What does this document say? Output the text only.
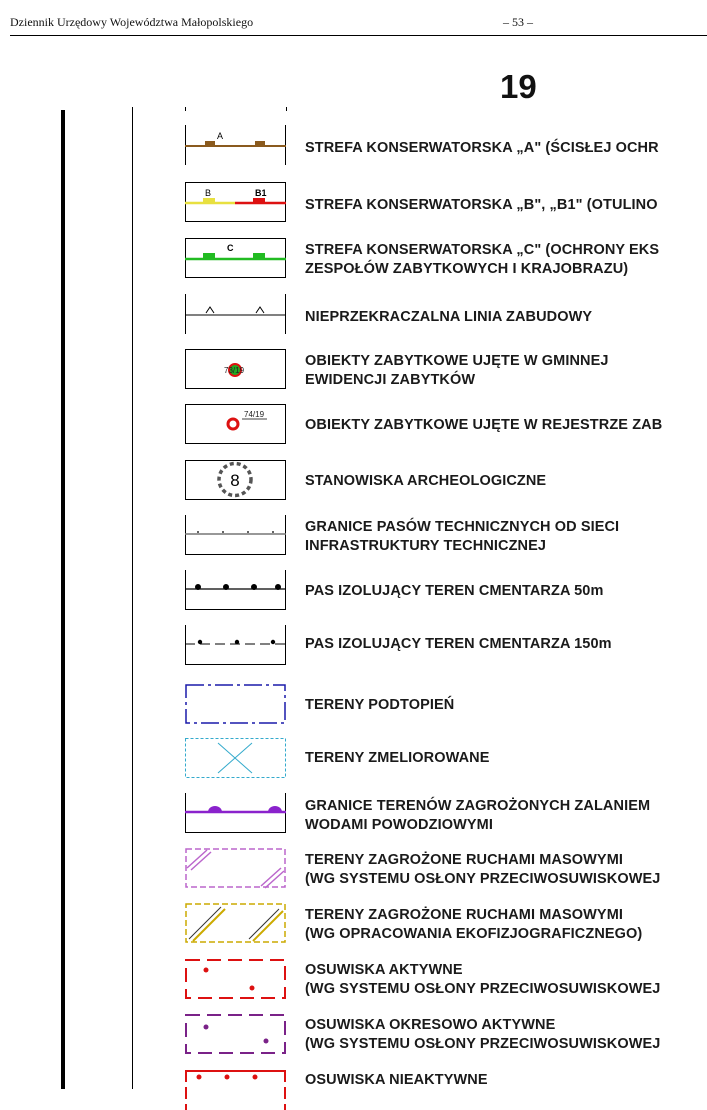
Dziennik Urzędowy Województwa Małopolskiego	– 53 –
19
A
STREFA KONSERWATORSKA „A" (ŚCISŁEJ OCHR
B	B1
STREFA KONSERWATORSKA „B", „B1" (OTULINO
C	STREFA KONSERWATORSKA „C" (OCHRONY EKS
ZESPOŁÓW ZABYTKOWYCH I KRAJOBRAZU)
NIEPRZEKRACZALNA LINIA ZABUDOWY
73/19
OBIEKTY ZABYTKOWE UJĘTE W GMINNEJ
EWIDENCJI ZABYTKÓW
74/19
OBIEKTY ZABYTKOWE UJĘTE W REJESTRZE ZAB
8	STANOWISKA ARCHEOLOGICZNE
GRANICE PASÓW TECHNICZNYCH OD SIECI
INFRASTRUKTURY TECHNICZNEJ
PAS IZOLUJĄCY TEREN CMENTARZA 50m
PAS IZOLUJĄCY TEREN CMENTARZA 150m
TERENY PODTOPIEŃ
TERENY ZMELIOROWANE
GRANICE TERENÓW ZAGROŻONYCH ZALANIEM
WODAMI POWODZIOWYMI
TERENY ZAGROŻONE RUCHAMI MASOWYMI
(WG SYSTEMU OSŁONY PRZECIWOSUWISKOWEJ
TERENY ZAGROŻONE RUCHAMI MASOWYMI
(WG OPRACOWANIA EKOFIZJOGRAFICZNEGO)
OSUWISKA AKTYWNE
(WG SYSTEMU OSŁONY PRZECIWOSUWISKOWEJ
OSUWISKA OKRESOWO AKTYWNE
(WG SYSTEMU OSŁONY PRZECIWOSUWISKOWEJ
OSUWISKA NIEAKTYWNE
